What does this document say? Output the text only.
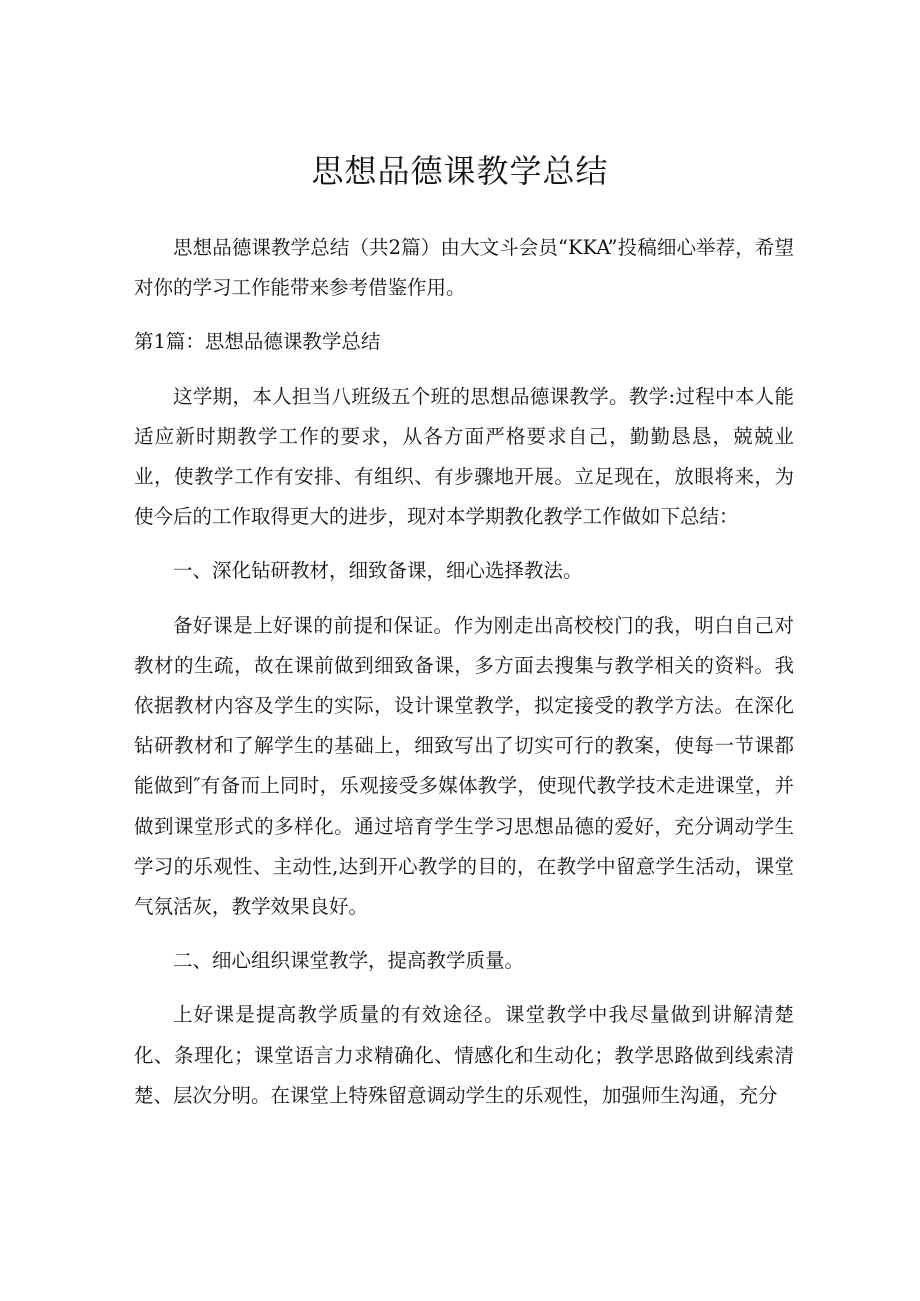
思想品德课教学总结

思想品德课教学总结（共2篇）由大文斗会员“KKA”投稿细心举荐，希望对你的学习工作能带来参考借鉴作用。

第1篇：思想品德课教学总结

这学期，本人担当八班级五个班的思想品德课教学。教学:过程中本人能适应新时期教学工作的要求，从各方面严格要求自己，勤勤恳恳，兢兢业业，使教学工作有安排、有组织、有步骤地开展。立足现在，放眼将来，为使今后的工作取得更大的进步，现对本学期教化教学工作做如下总结：

一、深化钻研教材，细致备课，细心选择教法。

备好课是上好课的前提和保证。作为刚走出高校校门的我，明白自己对教材的生疏，故在课前做到细致备课，多方面去搜集与教学相关的资料。我依据教材内容及学生的实际，设计课堂教学，拟定接受的教学方法。在深化钻研教材和了解学生的基础上，细致写出了切实可行的教案，使每一节课都能做到″有备而上同时，乐观接受多媒体教学，使现代教学技术走进课堂，并做到课堂形式的多样化。通过培育学生学习思想品德的爱好，充分调动学生学习的乐观性、主动性,达到开心教学的目的，在教学中留意学生活动，课堂气氛活灰，教学效果良好。

二、细心组织课堂教学，提高教学质量。

上好课是提高教学质量的有效途径。课堂教学中我尽量做到讲解清楚化、条理化；课堂语言力求精确化、情感化和生动化；教学思路做到线索清楚、层次分明。在课堂上特殊留意调动学生的乐观性，加强师生沟通，充分
